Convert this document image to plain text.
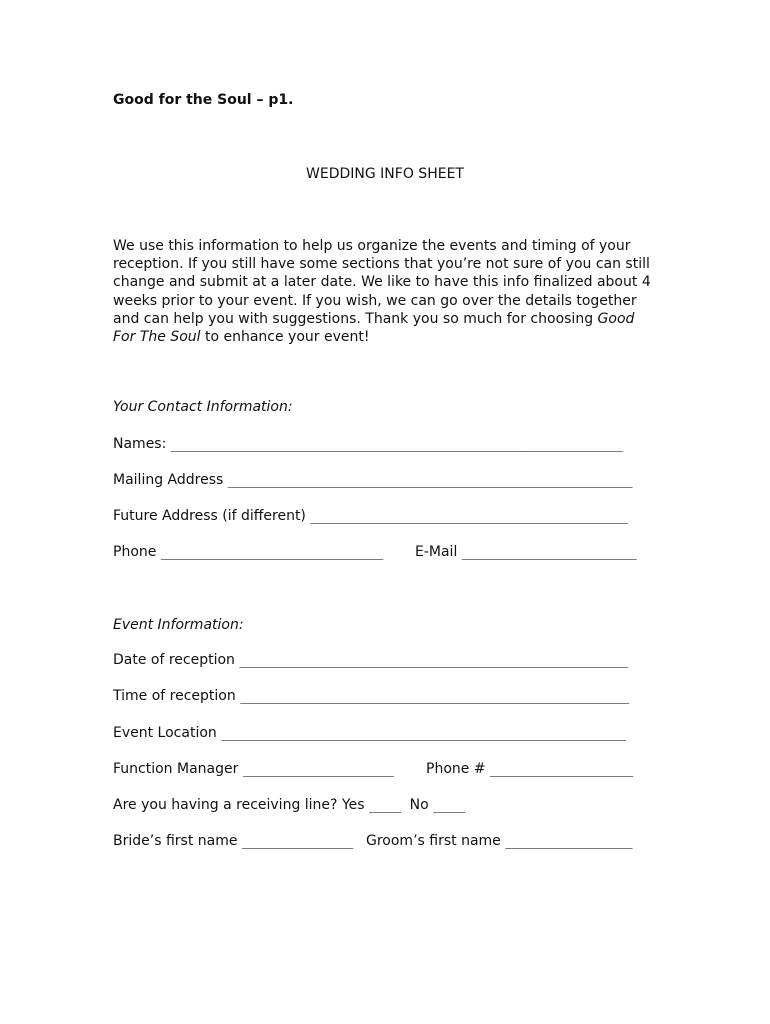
Good for the Soul – p1.
WEDDING INFO SHEET
We use this information to help us organize the events and timing of your reception. If you still have some sections that you’re not sure of you can still change and submit at a later date. We like to have this info finalized about 4 weeks prior to your event. If you wish, we can go over the details together and can help you with suggestions. Thank you so much for choosing Good For The Soul to enhance your event!
Your Contact Information:
Names: _________________________________________________________
Mailing Address ___________________________________________________
Future Address (if different) ________________________________________
Phone ____________________________ E-Mail ______________________
Event Information:
Date of reception _________________________________________________
Time of reception _________________________________________________
Event Location ___________________________________________________
Function Manager ___________________ Phone # __________________
Are you having a receiving line? Yes ____  No ____
Bride’s first name ______________ Groom’s first name ________________
